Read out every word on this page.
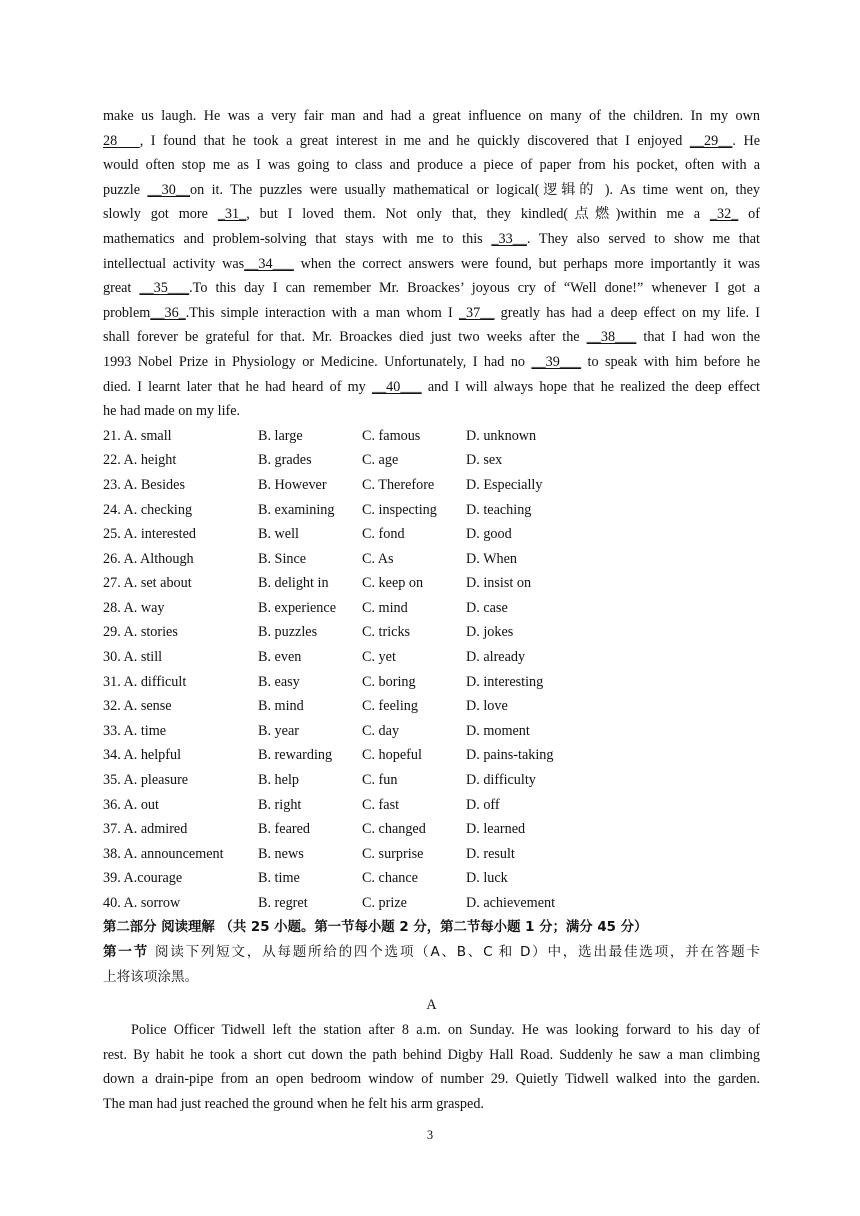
make us laugh. He was a very fair man and had a great influence on many of the children. In my own
28   , I found that he took a great interest in me and he quickly discovered that I enjoyed __29__. He
would often stop me as I was going to class and produce a piece of paper from his pocket, often with a
puzzle __30__on it. The puzzles were usually mathematical or logical(逻辑的 ). As time went on, they
slowly got more _31_, but I loved them. Not only that, they kindled(点燃)within me a _32_ of
mathematics and problem-solving that stays with me to this _33__. They also served to show me that
intellectual activity was__34___ when the correct answers were found, but perhaps more importantly it was
great __35___.To this day I can remember Mr. Broackes’ joyous cry of “Well done!” whenever I got a
problem__36_.This simple interaction with a man whom I _37__ greatly has had a deep effect on my life. I
shall forever be grateful for that. Mr. Broackes died just two weeks after the __38___ that I had won the
1993 Nobel Prize in Physiology or Medicine. Unfortunately, I had no __39___ to speak with him before he
died. I learnt later that he had heard of my __40___ and I will always hope that he realized the deep effect
he had made on my life.

21. A. small	B. large	C. famous	D. unknown
22. A. height	B. grades	C. age	D. sex
23. A. Besides	B. However	C. Therefore	D. Especially
24. A. checking	B. examining	C. inspecting	D. teaching
25. A. interested	B. well	C. fond	D. good
26. A. Although	B. Since	C. As	D. When
27. A. set about	B. delight in	C. keep on	D. insist on
28. A. way	B. experience	C. mind	D. case
29. A. stories	B. puzzles	C. tricks	D. jokes
30. A. still	B. even	C. yet	D. already
31. A. difficult	B. easy	C. boring	D. interesting
32. A. sense	B. mind	C. feeling	D. love
33. A. time	B. year	C. day	D. moment
34. A. helpful	B. rewarding	C. hopeful	D. pains-taking
35. A. pleasure	B. help	C. fun	D. difficulty
36. A. out	B. right	C. fast	D. off
37. A. admired	B. feared	C. changed	D. learned
38. A. announcement	B. news	C. surprise	D. result
39. A.courage	B. time	C. chance	D. luck
40. A. sorrow	B. regret	C. prize	D. achievement
第二部分 阅读理解 （共 25 小题。第一节每小题 2 分，第二节每小题 1 分；满分 45 分）
第一节 阅读下列短文，从每题所给的四个选项（A、B、C 和 D）中，选出最佳选项，并在答题卡
上将该项涂黑。
A

Police Officer Tidwell left the station after 8 a.m. on Sunday. He was looking forward to his day of
rest. By habit he took a short cut down the path behind Digby Hall Road. Suddenly he saw a man climbing
down a drain-pipe from an open bedroom window of number 29. Quietly Tidwell walked into the garden.
The man had just reached the ground when he felt his arm grasped.

3
